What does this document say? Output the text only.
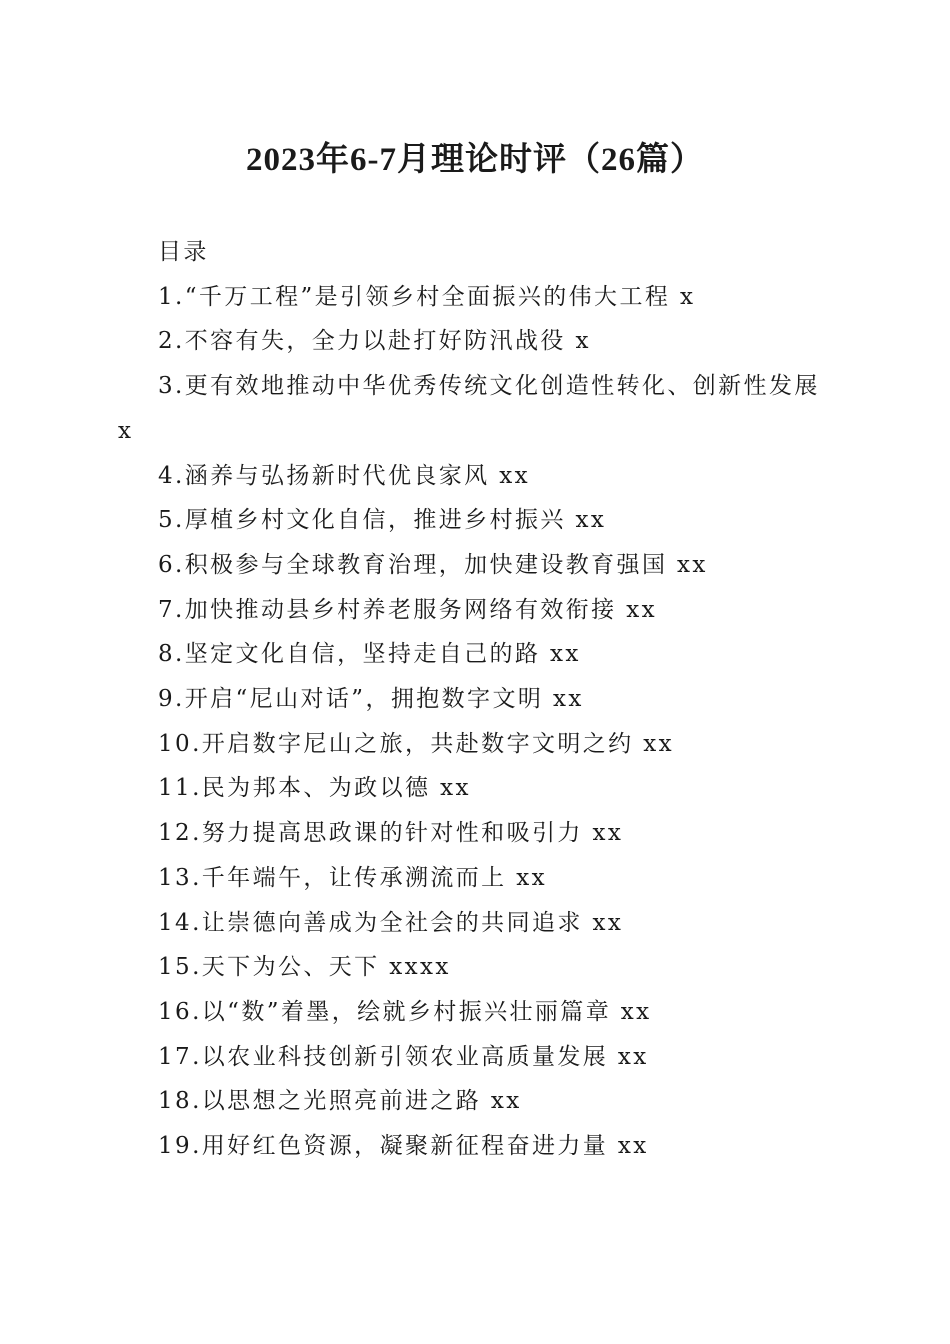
2023年6-7月理论时评（26篇）

目录

1.“千万工程”是引领乡村全面振兴的伟大工程 x
2.不容有失，全力以赴打好防汛战役 x
3.更有效地推动中华优秀传统文化创造性转化、创新性发展 x
4.涵养与弘扬新时代优良家风 xx
5.厚植乡村文化自信，推进乡村振兴 xx
6.积极参与全球教育治理，加快建设教育强国 xx
7.加快推动县乡村养老服务网络有效衔接 xx
8.坚定文化自信，坚持走自己的路 xx
9.开启“尼山对话”，拥抱数字文明 xx
10.开启数字尼山之旅，共赴数字文明之约 xx
11.民为邦本、为政以德 xx
12.努力提高思政课的针对性和吸引力 xx
13.千年端午，让传承溯流而上 xx
14.让崇德向善成为全社会的共同追求 xx
15.天下为公、天下 xxxx
16.以“数”着墨，绘就乡村振兴壮丽篇章 xx
17.以农业科技创新引领农业高质量发展 xx
18.以思想之光照亮前进之路 xx
19.用好红色资源，凝聚新征程奋进力量 xx
